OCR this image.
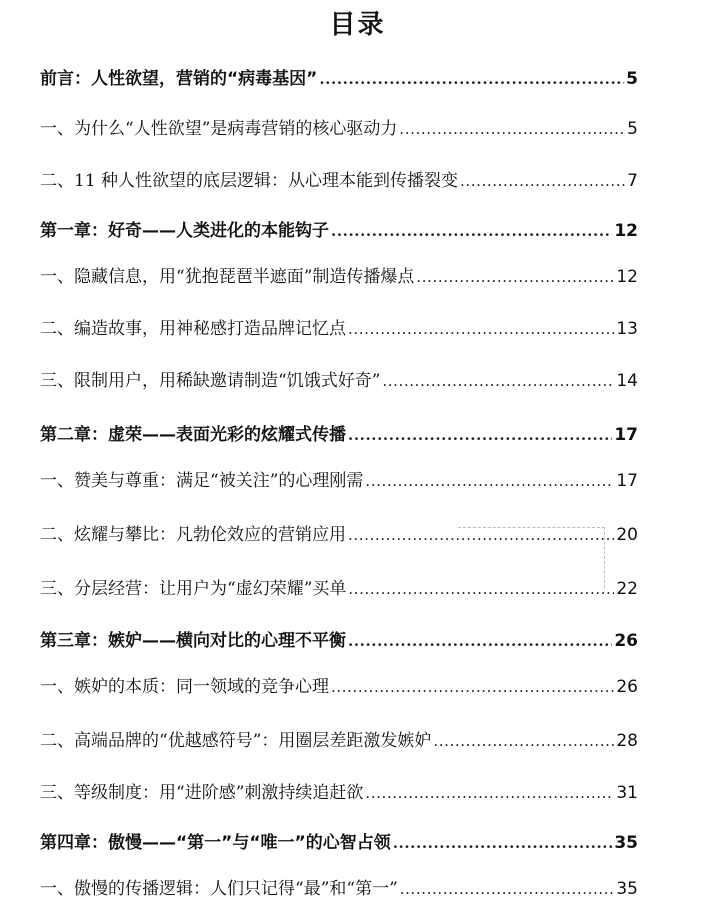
目录
前言：人性欲望，营销的“病毒基因” .....	5
一、为什么“人性欲望”是病毒营销的核心驱动力 .....	5
二、11 种人性欲望的底层逻辑：从心理本能到传播裂变 .....	7
第一章：好奇——人类进化的本能钩子 .....	12
一、隐藏信息，用“犹抱琵琶半遮面”制造传播爆点 .....	12
二、编造故事，用神秘感打造品牌记忆点 .....	13
三、限制用户，用稀缺邀请制造“饥饿式好奇” .....	14
第二章：虚荣——表面光彩的炫耀式传播 .....	17
一、赞美与尊重：满足“被关注”的心理刚需 .....	17
二、炫耀与攀比：凡勃伦效应的营销应用 .....	20
三、分层经营：让用户为“虚幻荣耀”买单 .....	22
第三章：嫉妒——横向对比的心理不平衡 .....	26
一、嫉妒的本质：同一领域的竞争心理 .....	26
二、高端品牌的“优越感符号”：用圈层差距激发嫉妒 .....	28
三、等级制度：用“进阶感”刺激持续追赶欲 .....	31
第四章：傲慢——“第一”与“唯一”的心智占领 .....	35
一、傲慢的传播逻辑：人们只记得“最”和“第一” .....	35
